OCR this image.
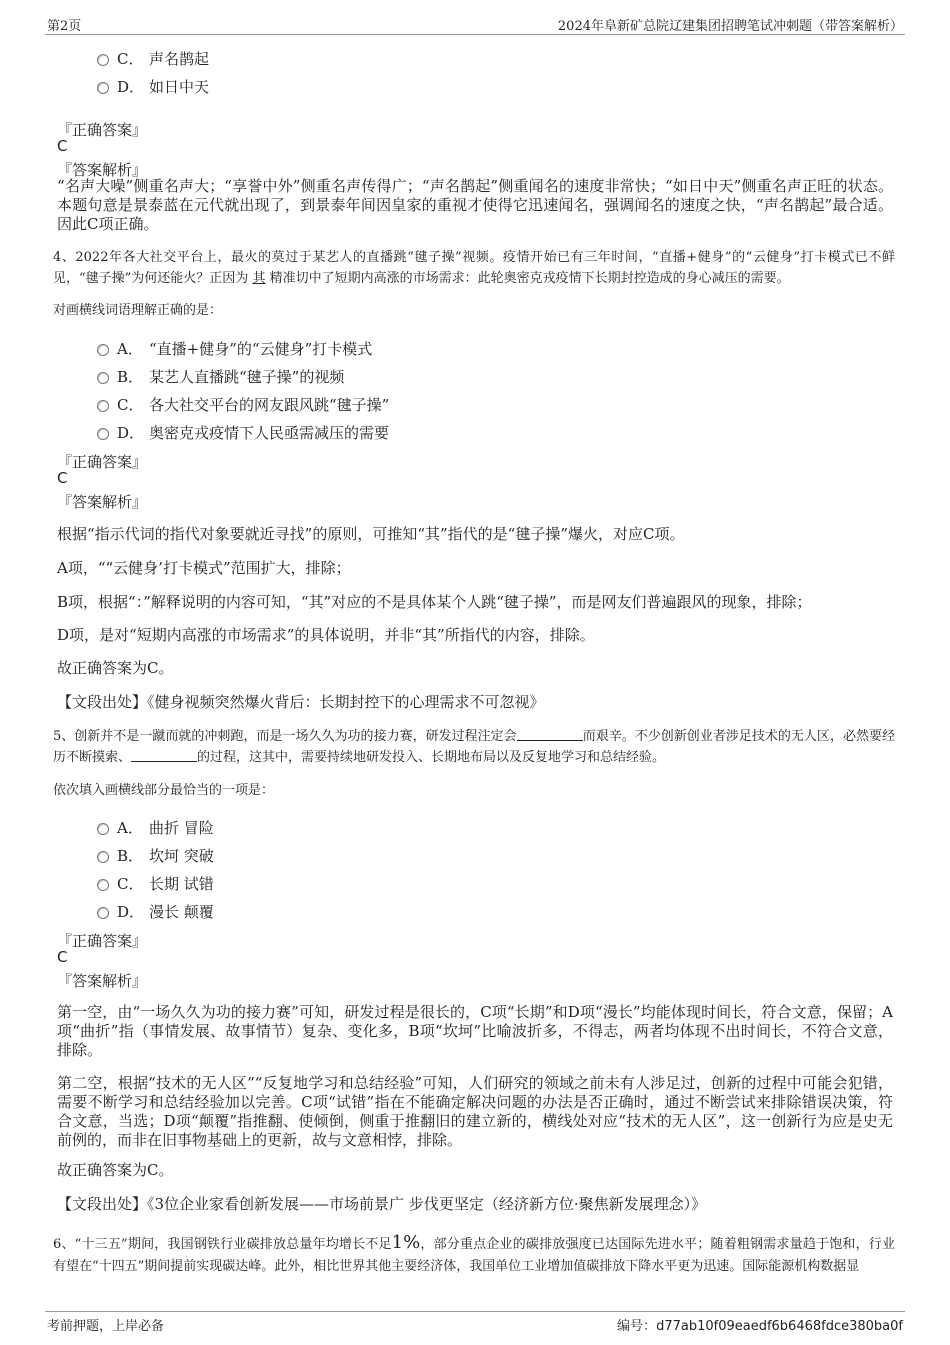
第2页	2024年阜新矿总院辽建集团招聘笔试冲刺题（带答案解析）
C． 声名鹊起
D． 如日中天
『正确答案』
C
『答案解析』
“名声大噪”侧重名声大；“享誉中外”侧重名声传得广；“声名鹊起”侧重闻名的速度非常快；“如日中天”侧重名声正旺的状态。本题句意是景泰蓝在元代就出现了，到景泰年间因皇家的重视才使得它迅速闻名，强调闻名的速度之快，“声名鹊起”最合适。因此C项正确。
4、2022年各大社交平台上，最火的莫过于某艺人的直播跳“毽子操”视频。疫情开始已有三年时间，“直播+健身”的“云健身”打卡模式已不鲜见，“毽子操”为何还能火？正因为 其 精准切中了短期内高涨的市场需求：此轮奥密克戎疫情下长期封控造成的身心减压的需要。
对画横线词语理解正确的是：
A． “直播+健身”的“云健身”打卡模式
B． 某艺人直播跳“毽子操”的视频
C． 各大社交平台的网友跟风跳“毽子操”
D． 奥密克戎疫情下人民亟需减压的需要
『正确答案』
C
『答案解析』
根据“指示代词的指代对象要就近寻找”的原则，可推知“其”指代的是“毽子操”爆火，对应C项。
A项，““云健身’打卡模式”范围扩大，排除；
B项，根据“：”解释说明的内容可知，“其”对应的不是具体某个人跳“毽子操”，而是网友们普遍跟风的现象，排除；
D项，是对“短期内高涨的市场需求”的具体说明，并非“其”所指代的内容，排除。
故正确答案为C。
【文段出处】《健身视频突然爆火背后：长期封控下的心理需求不可忽视》
5、创新并不是一蹴而就的冲刺跑，而是一场久久为功的接力赛，研发过程注定会	而艰辛。不少创新创业者涉足技术的无人区，必然要经历不断摸索、	的过程，这其中，需要持续地研发投入、长期地布局以及反复地学习和总结经验。
依次填入画横线部分最恰当的一项是：
A． 曲折 冒险
B． 坎坷 突破
C． 长期 试错
D． 漫长 颠覆
『正确答案』
C
『答案解析』
第一空，由“一场久久为功的接力赛”可知，研发过程是很长的，C项“长期”和D项“漫长”均能体现时间长，符合文意，保留；A项“曲折”指（事情发展、故事情节）复杂、变化多，B项“坎坷”比喻波折多，不得志，两者均体现不出时间长，不符合文意，排除。
第二空，根据“技术的无人区”“反复地学习和总结经验”可知，人们研究的领域之前未有人涉足过，创新的过程中可能会犯错，需要不断学习和总结经验加以完善。C项“试错”指在不能确定解决问题的办法是否正确时，通过不断尝试来排除错误决策，符合文意，当选；D项“颠覆”指推翻、使倾倒，侧重于推翻旧的建立新的，横线处对应“技术的无人区”，这一创新行为应是史无前例的，而非在旧事物基础上的更新，故与文意相悖，排除。
故正确答案为C。
【文段出处】《3位企业家看创新发展——市场前景广 步伐更坚定（经济新方位·聚焦新发展理念）》
6、“十三五”期间，我国钢铁行业碳排放总量年均增长不足1%，部分重点企业的碳排放强度已达国际先进水平；随着粗钢需求量趋于饱和，行业有望在“十四五”期间提前实现碳达峰。此外，相比世界其他主要经济体，我国单位工业增加值碳排放下降水平更为迅速。国际能源机构数据显
考前押题，上岸必备	编号：d77ab10f09eaedf6b6468fdce380ba0f
